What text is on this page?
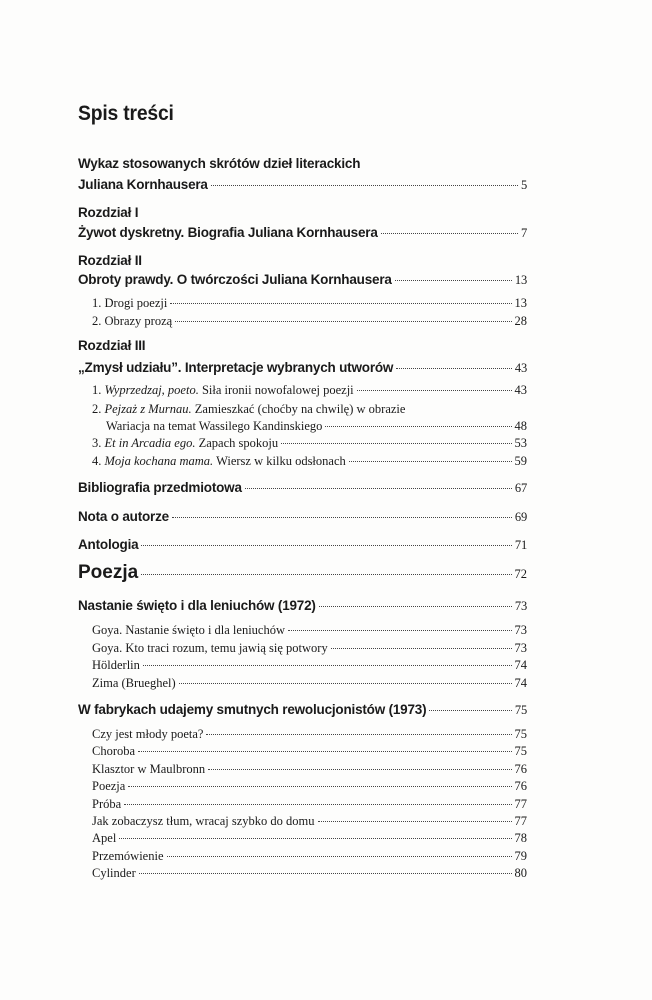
Spis treści
Wykaz stosowanych skrótów dzieł literackich
Juliana Kornhausera	5
Rozdział I
Żywot dyskretny. Biografia Juliana Kornhausera	7
Rozdział II
Obroty prawdy. O twórczości Juliana Kornhausera	13
1. Drogi poezji	13
2. Obrazy prozą	28
Rozdział III
„Zmysł udziału”. Interpretacje wybranych utworów	43
1. Wyprzedzaj, poeto. Siła ironii nowofalowej poezji	43
2. Pejzaż z Murnau. Zamieszkać (choćby na chwilę) w obrazie
Wariacja na temat Wassilego Kandinskiego	48
3. Et in Arcadia ego. Zapach spokoju	53
4. Moja kochana mama. Wiersz w kilku odsłonach	59
Bibliografia przedmiotowa	67
Nota o autorze	69
Antologia	71
Poezja	72
Nastanie święto i dla leniuchów (1972)	73
Goya. Nastanie święto i dla leniuchów	73
Goya. Kto traci rozum, temu jawią się potwory	73
Hölderlin	74
Zima (Brueghel)	74
W fabrykach udajemy smutnych rewolucjonistów (1973)	75
Czy jest młody poeta?	75
Choroba	75
Klasztor w Maulbronn	76
Poezja	76
Próba	77
Jak zobaczysz tłum, wracaj szybko do domu	77
Apel	78
Przemówienie	79
Cylinder	80
